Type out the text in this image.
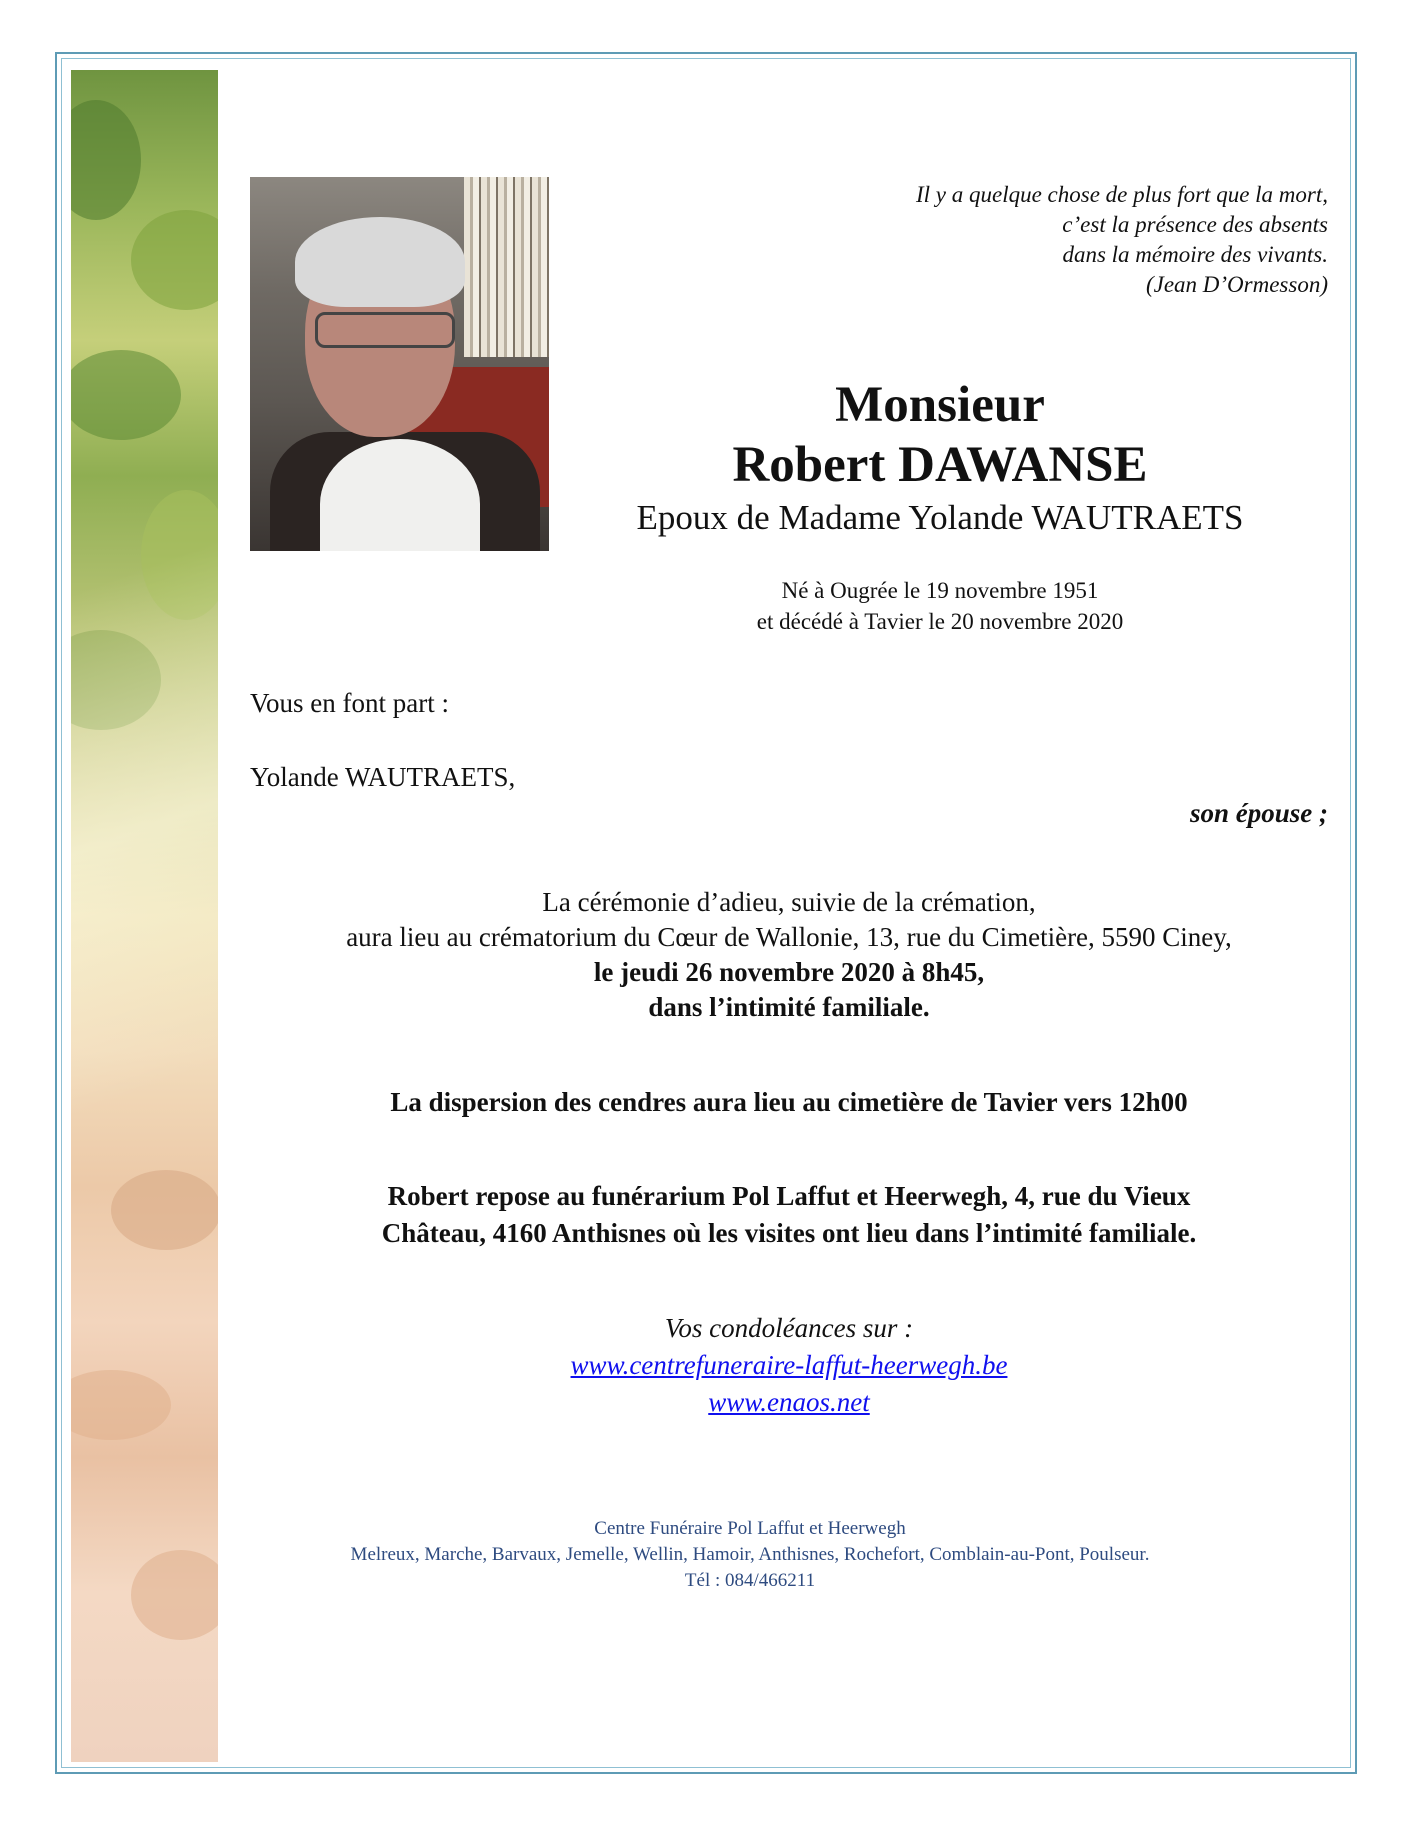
Il y a quelque chose de plus fort que la mort,
c’est la présence des absents
dans la mémoire des vivants.
(Jean D’Ormesson)
Monsieur
Robert DAWANSE
Epoux de Madame Yolande WAUTRAETS
Né à Ougrée le 19 novembre 1951
et décédé à Tavier le 20 novembre 2020
Vous en font part :
Yolande WAUTRAETS,
son épouse ;
La cérémonie d’adieu, suivie de la crémation,
aura lieu au crématorium du Cœur de Wallonie, 13, rue du Cimetière, 5590 Ciney,
le jeudi 26 novembre 2020 à 8h45,
dans l’intimité familiale.
La dispersion des cendres aura lieu au cimetière de Tavier vers 12h00
Robert repose au funérarium Pol Laffut et Heerwegh, 4, rue du Vieux
Château, 4160 Anthisnes où les visites ont lieu dans l’intimité familiale.
Vos condoléances sur :
www.centrefuneraire-laffut-heerwegh.be
www.enaos.net
Centre Funéraire Pol Laffut et Heerwegh
Melreux, Marche, Barvaux, Jemelle, Wellin, Hamoir, Anthisnes, Rochefort, Comblain-au-Pont, Poulseur.
Tél : 084/466211
